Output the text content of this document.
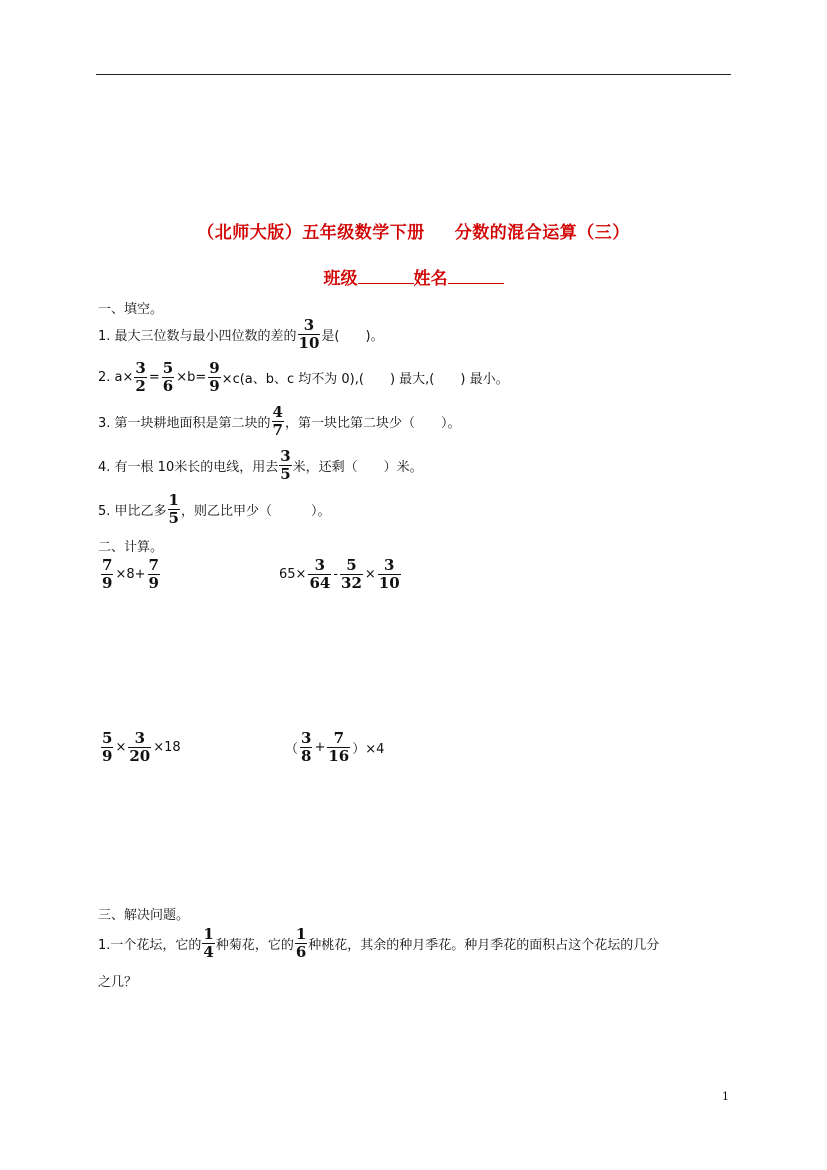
（北师大版）五年级数学下册 分数的混合运算（三）
班级	姓名
一、填空。
1. 最大三位数与最小四位数的差的 $\frac{3}{10}$ 是(　　)。
2. $a\times \frac{3}{2} = \frac{5}{6} \times b= \frac{9}{9} \times c(a$、b、c 均不为 0),(　　) 最大,(　　) 最小。
3. 第一块耕地面积是第二块的 $\frac{4}{7}$ ，第一块比第二块少（　　）。
4. 有一根 10米长的电线，用去 $\frac{3}{5}$ 米，还剩（　　）米。
5. 甲比乙多 $\frac{1}{5}$ ，则乙比甲少（　　　）。
二、计算。
$\frac{7}{9} \times 8+ \frac{7}{9}$	$65\times \frac{3}{64} - \frac{5}{32} \times \frac{3}{10}$
$\frac{5}{9} \times \frac{3}{20} \times 18$	（ $\frac{3}{8} + \frac{7}{16} )\times 4$
三、解决问题。
1.一个花坛，它的 $\frac{1}{4}$ 种菊花，它的 $\frac{1}{6}$ 种桃花，其余的种月季花。种月季花的面积占这个花坛的几分
之几？
1
